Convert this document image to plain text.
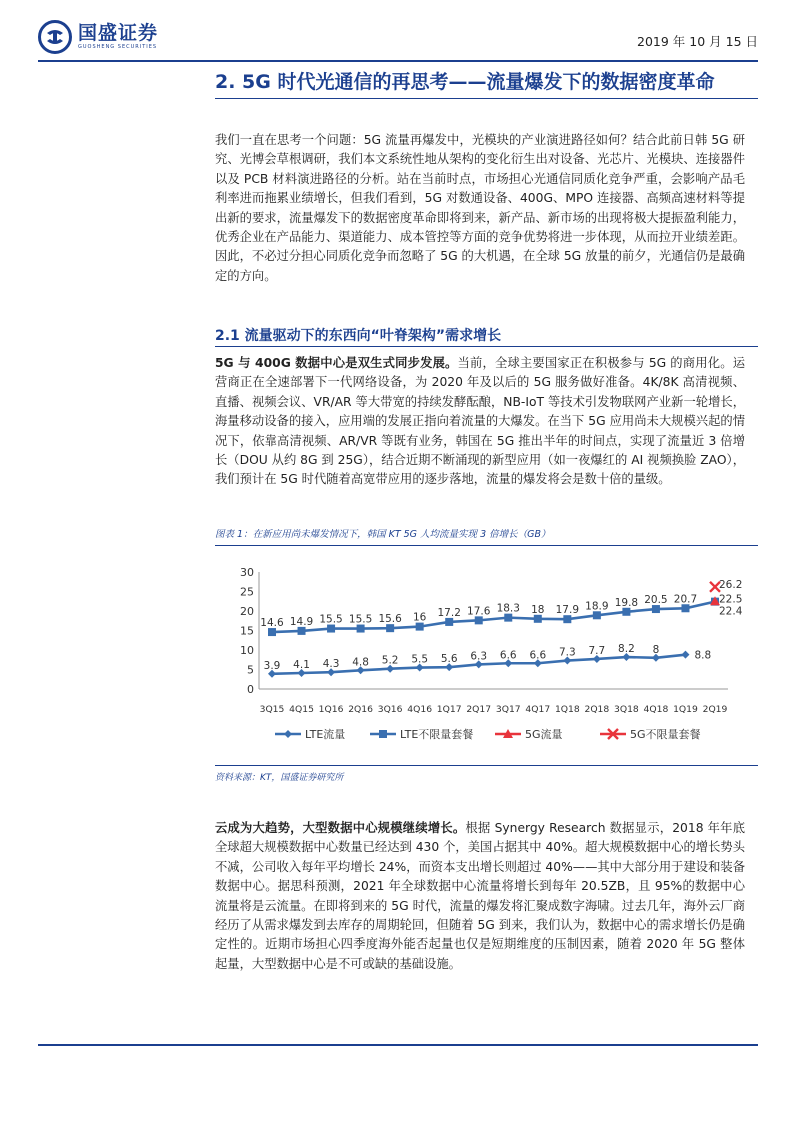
国盛证券
GUOSHENG SECURITIES	2019 年 10 月 15 日
2. 5G 时代光通信的再思考——流量爆发下的数据密度革命
我们一直在思考一个问题：5G 流量再爆发中，光模块的产业演进路径如何？结合此前日韩 5G 研究、光博会草根调研，我们本文系统性地从架构的变化衍生出对设备、光芯片、光模块、连接器件以及 PCB 材料演进路径的分析。站在当前时点，市场担心光通信同质化竞争严重，会影响产品毛利率进而拖累业绩增长，但我们看到，5G 对数通设备、400G、MPO 连接器、高频高速材料等提出新的要求，流量爆发下的数据密度革命即将到来，新产品、新市场的出现将极大提振盈利能力，优秀企业在产品能力、渠道能力、成本管控等方面的竞争优势将进一步体现，从而拉开业绩差距。因此，不必过分担心同质化竞争而忽略了 5G 的大机遇，在全球 5G 放量的前夕，光通信仍是最确定的方向。
2.1 流量驱动下的东西向“叶脊架构”需求增长
5G 与 400G 数据中心是双生式同步发展。当前，全球主要国家正在积极参与 5G 的商用化。运营商正在全速部署下一代网络设备，为 2020 年及以后的 5G 服务做好准备。4K/8K 高清视频、直播、视频会议、VR/AR 等大带宽的持续发酵酝酿，NB-IoT 等技术引发物联网产业新一轮增长，海量移动设备的接入，应用端的发展正指向着流量的大爆发。在当下 5G 应用尚未大规模兴起的情况下，依靠高清视频、AR/VR 等既有业务，韩国在 5G 推出半年的时间点，实现了流量近 3 倍增长（DOU 从约 8G 到 25G），结合近期不断涌现的新型应用（如一夜爆红的 AI 视频换脸 ZAO），我们预计在 5G 时代随着高宽带应用的逐步落地，流量的爆发将会是数十倍的量级。
图表 1：在新应用尚未爆发情况下，韩国 KT 5G 人均流量实现 3 倍增长（GB）
0
5
10
15
20
25
30
3Q15 4Q15 1Q16 2Q16 3Q16 4Q16 1Q17 2Q17 3Q17 4Q17 1Q18 2Q18 3Q18 4Q18 1Q19 2Q19
3.9 4.1 4.3 4.8 5.2 5.5 5.6 6.3 6.6 6.6 7.3 7.7 8.2 8	8.8
14.6 14.9 15.5 15.5 15.6 16 17.2 17.6 18.3 18 17.9 18.9 19.8 20.5 20.7
22.4
22.5
26.2
LTE流量	LTE不限量套餐	5G流量	5G不限量套餐
资料来源：KT，国盛证券研究所
云成为大趋势，大型数据中心规模继续增长。根据 Synergy Research 数据显示，2018 年年底全球超大规模数据中心数量已经达到 430 个，美国占据其中 40%。超大规模数据中心的增长势头不减，公司收入每年平均增长 24%，而资本支出增长则超过 40%——其中大部分用于建设和装备数据中心。据思科预测，2021 年全球数据中心流量将增长到每年 20.5ZB，且 95%的数据中心流量将是云流量。在即将到来的 5G 时代，流量的爆发将汇聚成数字海啸。过去几年，海外云厂商经历了从需求爆发到去库存的周期轮回，但随着 5G 到来，我们认为，数据中心的需求增长仍是确定性的。近期市场担心四季度海外能否起量也仅是短期维度的压制因素，随着 2020 年 5G 整体起量，大型数据中心是不可或缺的基础设施。
